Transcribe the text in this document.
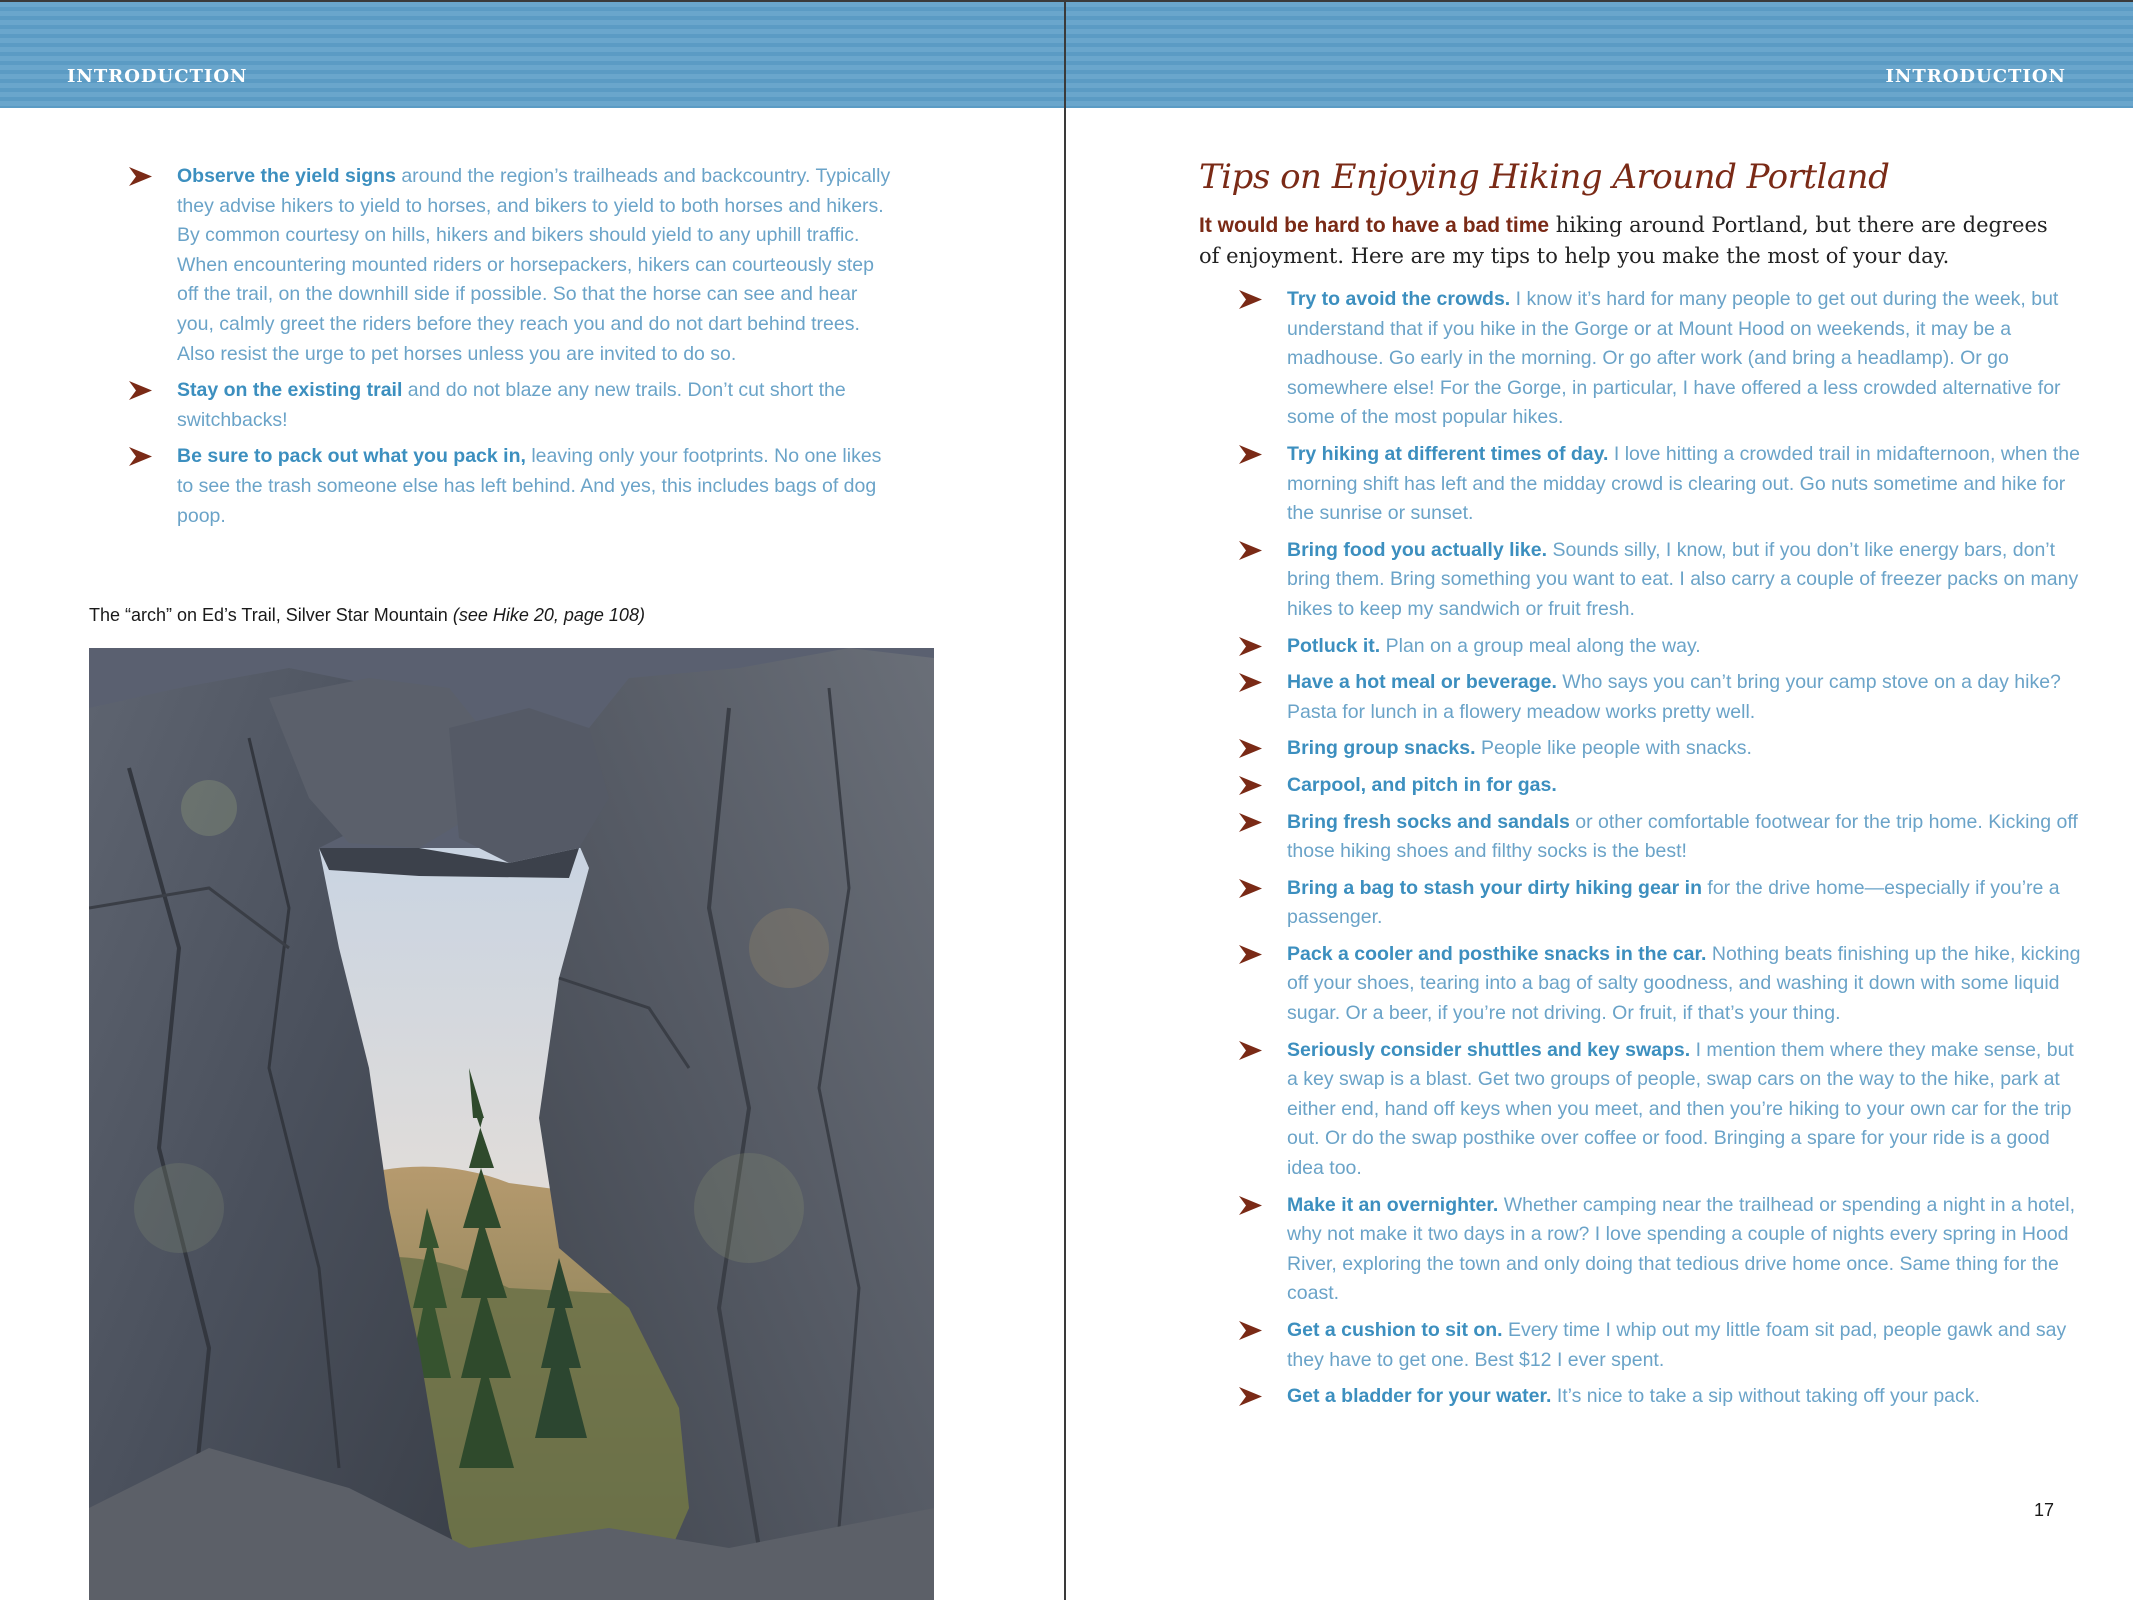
INTRODUCTION
Observe the yield signs around the region’s trailheads and backcountry. Typically they advise hikers to yield to horses, and bikers to yield to both horses and hikers. By common courtesy on hills, hikers and bikers should yield to any uphill traffic. When encountering mounted riders or horsepackers, hikers can courteously step off the trail, on the downhill side if possible. So that the horse can see and hear you, calmly greet the riders before they reach you and do not dart behind trees. Also resist the urge to pet horses unless you are invited to do so.
Stay on the existing trail and do not blaze any new trails. Don’t cut short the switchbacks!
Be sure to pack out what you pack in, leaving only your footprints. No one likes to see the trash someone else has left behind. And yes, this includes bags of dog poop.
The “arch” on Ed’s Trail, Silver Star Mountain (see Hike 20, page 108)
INTRODUCTION
Tips on Enjoying Hiking Around Portland

It would be hard to have a bad time hiking around Portland, but there are degrees of enjoyment. Here are my tips to help you make the most of your day.

Try to avoid the crowds. I know it’s hard for many people to get out during the week, but understand that if you hike in the Gorge or at Mount Hood on weekends, it may be a madhouse. Go early in the morning. Or go after work (and bring a headlamp). Or go somewhere else! For the Gorge, in particular, I have offered a less crowded alternative for some of the most popular hikes.
Try hiking at different times of day. I love hitting a crowded trail in midafternoon, when the morning shift has left and the midday crowd is clearing out. Go nuts sometime and hike for the sunrise or sunset.
Bring food you actually like. Sounds silly, I know, but if you don’t like energy bars, don’t bring them. Bring something you want to eat. I also carry a couple of freezer packs on many hikes to keep my sandwich or fruit fresh.
Potluck it. Plan on a group meal along the way.
Have a hot meal or beverage. Who says you can’t bring your camp stove on a day hike? Pasta for lunch in a flowery meadow works pretty well.
Bring group snacks. People like people with snacks.
Carpool, and pitch in for gas.
Bring fresh socks and sandals or other comfortable footwear for the trip home. Kicking off those hiking shoes and filthy socks is the best!
Bring a bag to stash your dirty hiking gear in for the drive home—especially if you’re a passenger.
Pack a cooler and posthike snacks in the car. Nothing beats finishing up the hike, kicking off your shoes, tearing into a bag of salty goodness, and washing it down with some liquid sugar. Or a beer, if you’re not driving. Or fruit, if that’s your thing.
Seriously consider shuttles and key swaps. I mention them where they make sense, but a key swap is a blast. Get two groups of people, swap cars on the way to the hike, park at either end, hand off keys when you meet, and then you’re hiking to your own car for the trip out. Or do the swap posthike over coffee or food. Bringing a spare for your ride is a good idea too.
Make it an overnighter. Whether camping near the trailhead or spending a night in a hotel, why not make it two days in a row? I love spending a couple of nights every spring in Hood River, exploring the town and only doing that tedious drive home once. Same thing for the coast.
Get a cushion to sit on. Every time I whip out my little foam sit pad, people gawk and say they have to get one. Best $12 I ever spent.
Get a bladder for your water. It’s nice to take a sip without taking off your pack.
17
